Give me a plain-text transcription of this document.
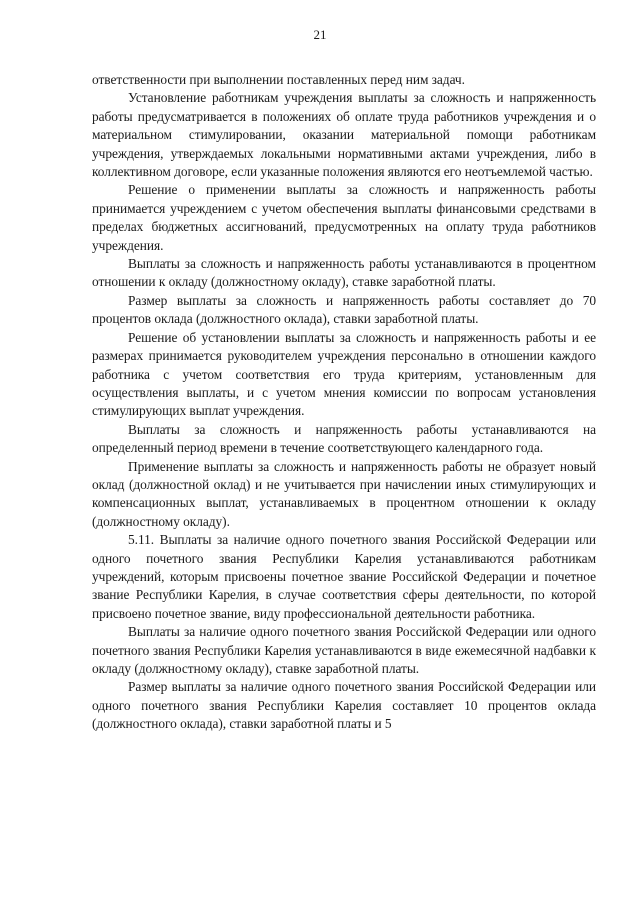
21

ответственности при выполнении поставленных перед ним задач.

Установление работникам учреждения выплаты за сложность и напряженность работы предусматривается в положениях об оплате труда работников учреждения и о материальном стимулировании, оказании материальной помощи работникам учреждения, утверждаемых локальными нормативными актами учреждения, либо в коллективном договоре, если указанные положения являются его неотъемлемой частью.

Решение о применении выплаты за сложность и напряженность работы принимается учреждением с учетом обеспечения выплаты финансовыми средствами в пределах бюджетных ассигнований, предусмотренных на оплату труда работников учреждения.

Выплаты за сложность и напряженность работы устанавливаются в процентном отношении к окладу (должностному окладу), ставке заработной платы.

Размер выплаты за сложность и напряженность работы составляет до 70 процентов оклада (должностного оклада), ставки заработной платы.

Решение об установлении выплаты за сложность и напряженность работы и ее размерах принимается руководителем учреждения персонально в отношении каждого работника с учетом соответствия его труда критериям, установленным для осуществления выплаты, и с учетом мнения комиссии по вопросам установления стимулирующих выплат учреждения.

Выплаты за сложность и напряженность работы устанавливаются на определенный период времени в течение соответствующего календарного года.

Применение выплаты за сложность и напряженность работы не образует новый оклад (должностной оклад) и не учитывается при начислении иных стимулирующих и компенсационных выплат, устанавливаемых в процентном отношении к окладу (должностному окладу).

5.11. Выплаты за наличие одного почетного звания Российской Федерации или одного почетного звания Республики Карелия устанавливаются работникам учреждений, которым присвоены почетное звание Российской Федерации и почетное звание Республики Карелия, в случае соответствия сферы деятельности, по которой присвоено почетное звание, виду профессиональной деятельности работника.

Выплаты за наличие одного почетного звания Российской Федерации или одного почетного звания Республики Карелия устанавливаются в виде ежемесячной надбавки к окладу (должностному окладу), ставке заработной платы.

Размер выплаты за наличие одного почетного звания Российской Федерации или одного почетного звания Республики Карелия составляет 10 процентов оклада (должностного оклада), ставки заработной платы и 5
